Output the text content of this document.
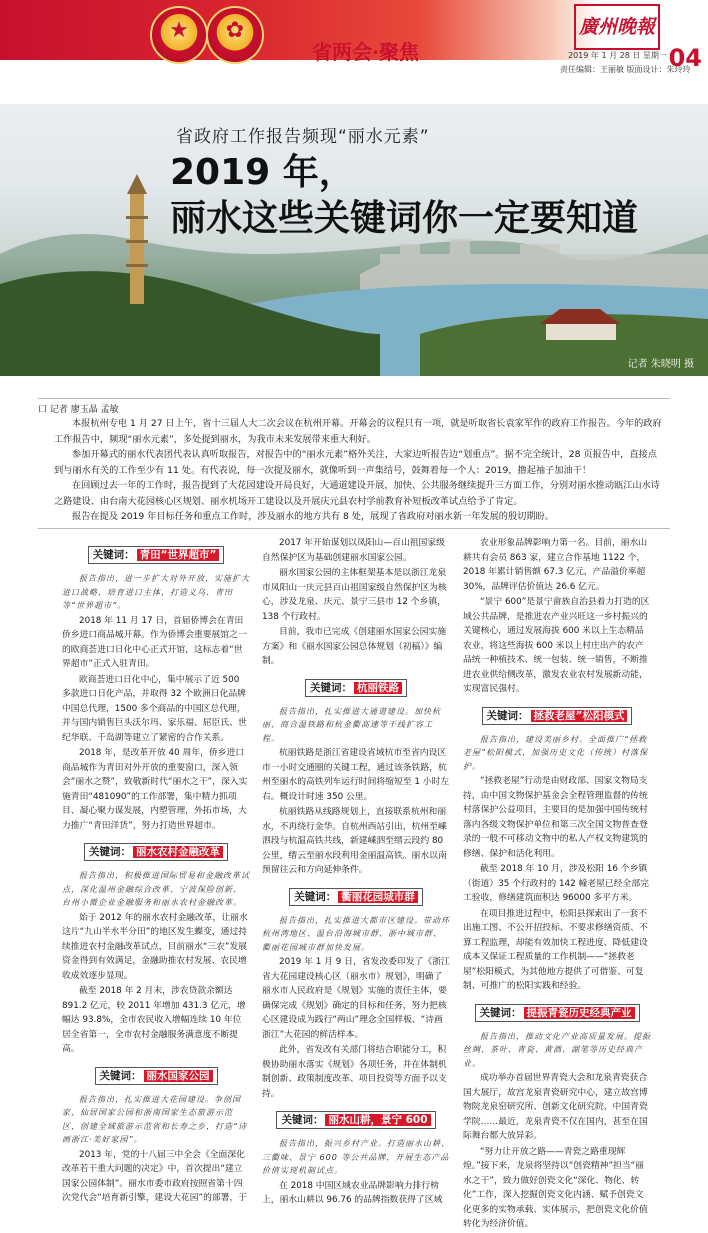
★	✿
省两会·聚焦
廣州晚報
2019 年 1 月 28 日 星期一 04
责任编辑：王丽敏 版面设计：朱玲玲
省政府工作报告频现“丽水元素”
2019 年，
丽水这些关键词你一定要知道
记者 朱晓明 摄
口 记者 廖玉晶 孟敏

本报杭州专电 1 月 27 日上午，省十三届人大二次会议在杭州开幕。开幕会的议程只有一项，就是听取省长袁家军作的政府工作报告。今年的政府工作报告中，频现“丽水元素”，多处提到丽水，为我市未来发展带来重大利好。

参加开幕式的丽水代表团代表认真听取报告，对报告中的“丽水元素”格外关注，大家边听报告边“划重点”。据不完全统计，28 页报告中，直接点到与丽水有关的工作至少有 11 处。有代表说，每一次提及丽水，就像听到一声集结号，鼓舞着每一个人：2019，撸起袖子加油干！

在回顾过去一年的工作时，报告提到了大花园建设开局良好，大通道建设开展，加快、公共服务继续提升三方面工作，分别对丽水推动瓯江山水诗之路建设、由台南大花园核心区规划、丽水机场开工建设以及开展庆元县农村学前教育补短板改革试点给予了肯定。

报告在提及 2019 年目标任务和重点工作时，涉及丽水的地方共有 8 处，展现了省政府对丽水新一年发展的殷切期盼。

关键词： 青田“世界超市”

报告指出，进一步扩大对外开放，实施扩大进口战略，培育进口主体，打造义乌、青田等“世界超市”。

2018 年 11 月 17 日，首届侨博会在青田侨乡进口商品城开幕。作为侨博会重要展馆之一的欧商荟进口日化中心正式开馆，这标志着“世界超市”正式入驻青田。

欧商荟进口日化中心，集中展示了近 500 多款进口日化产品，并取得 32 个欧洲日化品牌中国总代理，1500 多个商品的中国区总代理，并与国内销售巨头沃尔玛、家乐福、屈臣氏、世纪华联、千岛湖等建立了紧密的合作关系。

2018 年，是改革开放 40 周年，侨乡进口商品城作为青田对外开放的重要窗口，深入领会“丽水之赞”，致敬新时代“丽水之干”，深入实施青田“481090”的工作部署，集中精力抓项目、凝心聚力谋发展，内塑管理，外拓市场，大力推广“青田洋货”，努力打造世界超市。

关键词： 丽水农村金融改革

报告指出，积极推进国际贸易和金融改革试点，深化温州金融综合改革、宁波保险创新、台州小微企业金融服务和丽水农村金融改革。

始于 2012 年的丽水农村金融改革，让丽水这片“九山半水半分田”的地区发生蝶变，通过持续推进农村金融改革试点，目前丽水“三农”发展资金得到有效满足，金融助推农村发展、农民增收成效逐步显现。

截至 2018 年 2 月末，涉农贷款余额达 891.2 亿元，较 2011 年增加 431.3 亿元，增幅达 93.8%，全市农民收入增幅连续 10 年位居全省第一，全市农村金融服务满意度不断提高。

关键词： 丽水国家公园

报告指出，扎实推进大花园建设。争创国家、仙居国家公园和浙南国家生态旅游示范区，创建全域旅游示范省和长寿之乡，打造“诗画浙江·美好家园”。

2013 年，党的十八届三中全会《全面深化改革若干重大问题的决定》中，首次提出“建立国家公园体制”。丽水市委市政府按照省第十四次党代会“培育新引擎，建设大花园”的部署，于

2017 年开始谋划以凤阳山—百山祖国家级自然保护区为基础创建丽水国家公园。

丽水国家公园的主体框架基本是以浙江龙泉市凤阳山一庆元县百山祖国家级自然保护区为核心，涉及龙泉、庆元、景宁三县市 12 个乡镇，138 个行政村。

目前，我市已完成《创建丽水国家公园实施方案》和《丽水国家公园总体规划（初稿）》编制。

关键词： 杭丽铁路

报告指出，扎实推进大通道建设。加快杭丽、商合温铁路和杭金衢高速等干线扩容工程。

杭丽铁路是浙江省建设省域杭市至省内设区市一小时交通圈的关键工程，通过该条铁路，杭州至丽水的高铁列车运行时间将缩短至 1 小时左右。概设计时速 350 公里。

杭丽铁路从线路规划上，直接联系杭州和丽水，不再绕行金华。自杭州西站引出，杭州至嵊泗段与杭温高铁共线，新建嵊泗至缙云段约 80 公里，缙云至丽水段利用金丽温高铁。丽水以南预留往云和方向延伸条件。

关键词： 衢丽花园城市群

报告指出，扎实推进大都市区建设。带动环杭州湾地区、温台沿海城市群、浙中城市群、衢丽花园城市群加快发展。

2019 年 1 月 9 日，省发改委印发了《浙江省大花园建设核心区（丽水市）规划》，明确了丽水市人民政府是《规划》实施的责任主体，要确保完成《规划》确定的目标和任务，努力把核心区建设成为践行“两山”理念全国样板、“诗画浙江”大花园的鲜活样本。

此外，省发改有关部门将结合职能分工，积极协助丽水落实《规划》各项任务，并在体制机制创新、政策制度改革、项目投资等方面予以支持。

关键词： 丽水山耕，景宁 600

报告指出，振兴乡村产业。打造丽水山耕、三衢味、景宁 600 等公共品牌，开展生态产品价值实现机制试点。

在 2018 中国区域农业品牌影响力排行榜上，丽水山耕以 96.76 的品牌指数获得了区域

农业形象品牌影响力第一名。目前，丽水山耕共有会员 863 家，建立合作基地 1122 个，2018 年累计销售额 67.3 亿元，产品溢价率超 30%，品牌评估价值达 26.6 亿元。

“景宁 600”是景宁畲族自治县着力打造的区域公共品牌，是推进农产业兴旺这一乡村振兴的关键核心，通过发展海拔 600 米以上生态精品农业，将这些海拔 600 米以上村庄出产的农产品统一种植技术、统一包装、统一销售，不断推进农业供给侧改革，激发农业农村发展新动能，实现富民强村。

关键词： 拯救老屋”松阳模式

报告指出，建设美丽乡村。全面推广“拯救老屋”松阳模式，加强历史文化（传统）村落保护。

“拯救老屋”行动是由财政部、国家文物局支持，由中国文物保护基金会全程管理监督的传统村落保护公益项目，主要目的是加强中国传统村落内各级文物保护单位和第三次全国文物普查登录的一般不可移动文物中的私人产权文物建筑的修缮、保护和活化利用。

截至 2018 年 10 月，涉及松阳 16 个乡镇（街道）35 个行政村的 142 幢老屋已经全部完工验收，修缮建筑面积达 96000 多平方米。

在项目推进过程中，松阳县探索出了一套不出施工图、不公开招投标、不要求修缮资质、不算工程监理，却能有效加快工程进度、降低建设成本又保证工程质量的工作机制——“拯救老屋”松阳模式，为其他地方提供了可借鉴、可复制、可推广的松阳实践和经验。

关键词： 提振青瓷历史经典产业

报告指出，推动文化产业高质量发展。提振丝绸、茶叶、青瓷、黄酒、湖笔等历史经典产业。

成功举办首届世界青瓷大会和龙泉青瓷获合国大展厅，故宫龙泉青瓷研究中心，建立故宫博物院龙泉窑研究所、创新文化研究院、中国青瓷学院……最近，龙泉青瓷不仅在国内，甚至在国际舞台都大放异彩。

“努力让开放之路——青瓷之路重现辉煌。”接下来，龙泉将坚持以“创瓷精神”担当“丽水之干”，致力做好创瓷文化“深化、物化、转化”工作，深入挖掘创瓷文化内涵、赋予创瓷文化更多的实物承载、实体展示，把创瓷文化价值转化为经济价值。
